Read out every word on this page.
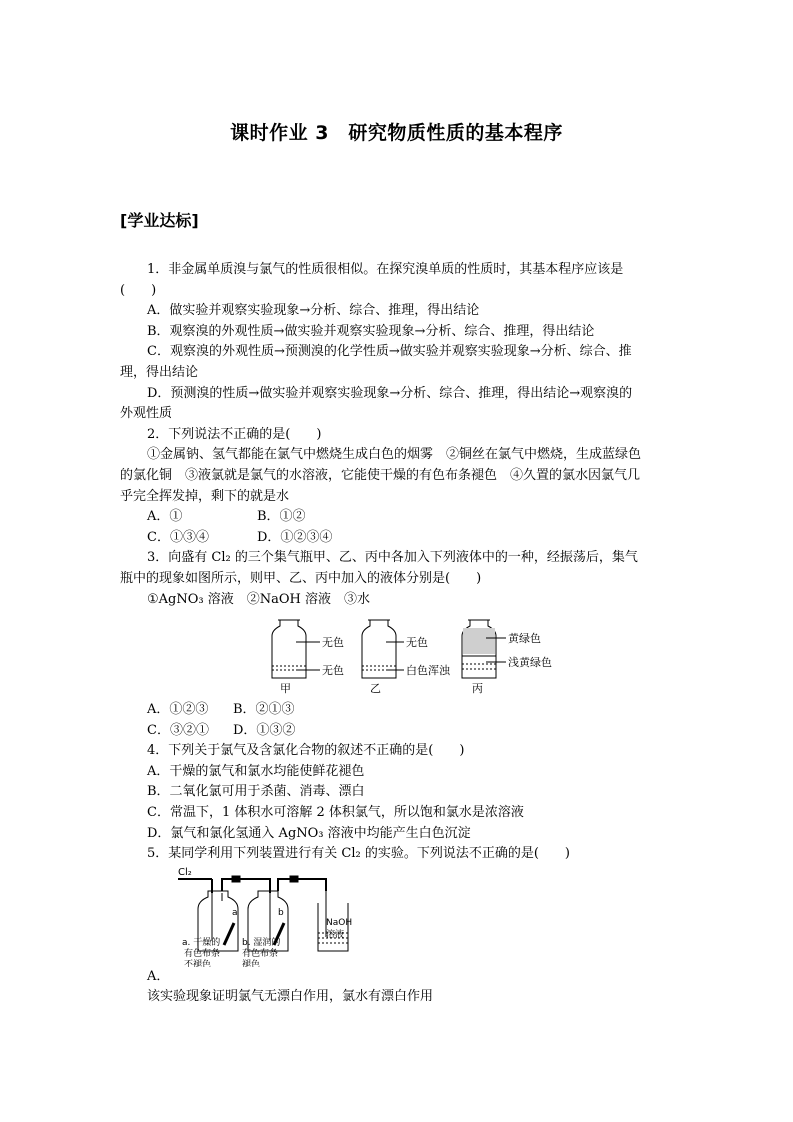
课时作业 3　研究物质性质的基本程序
[学业达标]

1．非金属单质溴与氯气的性质很相似。在探究溴单质的性质时，其基本程序应该是

(　　)

A．做实验并观察实验现象→分析、综合、推理，得出结论

B．观察溴的外观性质→做实验并观察实验现象→分析、综合、推理，得出结论

C．观察溴的外观性质→预测溴的化学性质→做实验并观察实验现象→分析、综合、推

理，得出结论

D．预测溴的性质→做实验并观察实验现象→分析、综合、推理，得出结论→观察溴的

外观性质

2．下列说法不正确的是(　　)

①金属钠、氢气都能在氯气中燃烧生成白色的烟雾　②铜丝在氯气中燃烧，生成蓝绿色

的氯化铜　③液氯就是氯气的水溶液，它能使干燥的有色布条褪色　④久置的氯水因氯气几

乎完全挥发掉，剩下的就是水

A．①	B．①②
C．①③④	D．①②③④

3．向盛有 Cl₂ 的三个集气瓶甲、乙、丙中各加入下列液体中的一种，经振荡后，集气

瓶中的现象如图所示，则甲、乙、丙中加入的液体分别是(　　)

①AgNO₃ 溶液　②NaOH 溶液　③水

无色
无色
甲
无色
白色浑浊
乙
黄绿色
浅黄绿色
丙
A．①②③	B．②①③
C．③②①	D．①③②

4．下列关于氯气及含氯化合物的叙述不正确的是(　　)

A．干燥的氯气和氯水均能使鲜花褪色

B．二氧化氯可用于杀菌、消毒、漂白

C．常温下，1 体积水可溶解 2 体积氯气，所以饱和氯水是浓溶液

D．氯气和氯化氢通入 AgNO₃ 溶液中均能产生白色沉淀

5．某同学利用下列装置进行有关 Cl₂ 的实验。下列说法不正确的是(　　)

Cl₂
a	b
a. 干燥的
有色布条
不褪色
b. 湿润的
有色布条
褪色
NaOH
溶液

A．

该实验现象证明氯气无漂白作用，氯水有漂白作用
